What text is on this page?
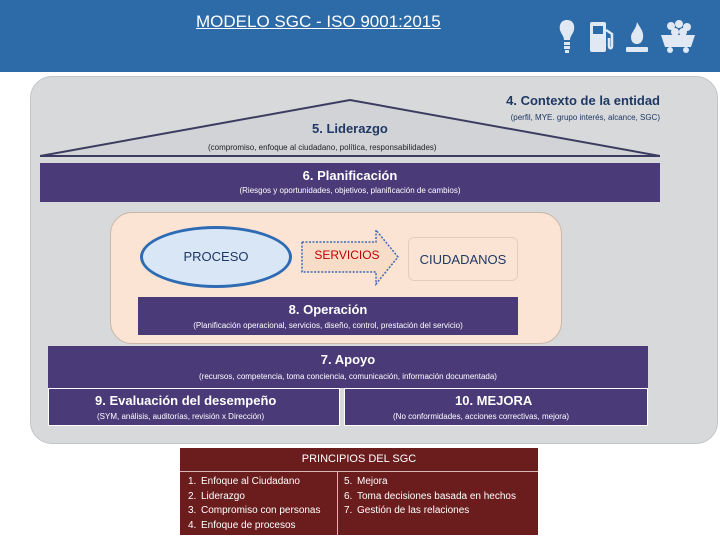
MODELO SGC - ISO 9001:2015
4. Contexto de la entidad
(perfil, MYE. grupo interés, alcance, SGC)
5. Liderazgo
(compromiso, enfoque al ciudadano, política, responsabilidades)
6. Planificación
(Riesgos y oportunidades, objetivos, planificación de cambios)
PROCESO	SERVICIOS	CIUDADANOS
8. Operación
(Planificación operacional, servicios, diseño, control, prestación del servicio)
7. Apoyo
(recursos, competencia, toma conciencia, comunicación, información documentada)
9. Evaluación del desempeño
(SYM, análisis, auditorías, revisión x Dirección)
10. MEJORA
(No conformidades, acciones correctivas, mejora)
PRINCIPIOS DEL SGC
1. Enfoque al Ciudadano
2. Liderazgo
3. Compromiso con personas
4. Enfoque de procesos
5. Mejora
6. Toma decisiones basada en hechos
7. Gestión de las relaciones
